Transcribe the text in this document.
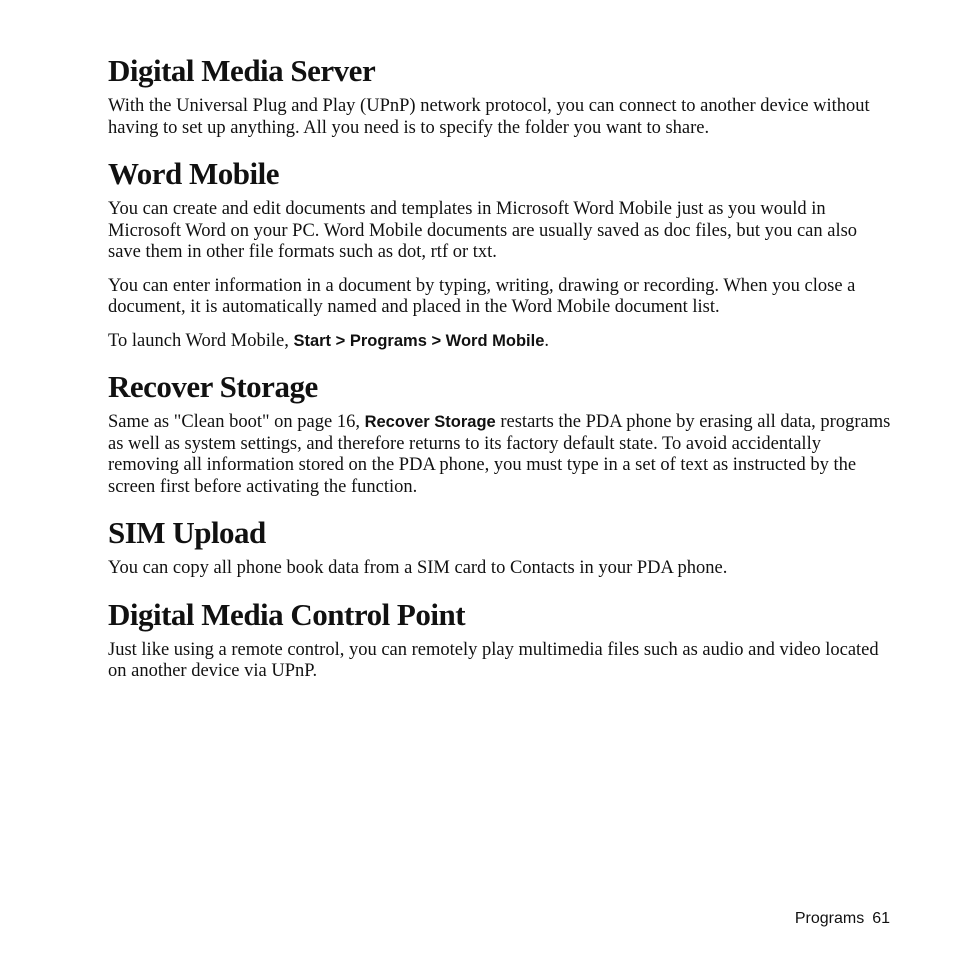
Digital Media Server

With the Universal Plug and Play (UPnP) network protocol, you can connect to another device without having to set up anything. All you need is to specify the folder you want to share.

Word Mobile

You can create and edit documents and templates in Microsoft Word Mobile just as you would in Microsoft Word on your PC. Word Mobile documents are usually saved as doc files, but you can also save them in other file formats such as dot, rtf or txt.

You can enter information in a document by typing, writing, drawing or recording. When you close a document, it is automatically named and placed in the Word Mobile document list.

To launch Word Mobile, Start > Programs > Word Mobile.

Recover Storage

Same as "Clean boot" on page 16, Recover Storage restarts the PDA phone by erasing all data, programs as well as system settings, and therefore returns to its factory default state. To avoid accidentally removing all information stored on the PDA phone, you must type in a set of text as instructed by the screen first before activating the function.

SIM Upload

You can copy all phone book data from a SIM card to Contacts in your PDA phone.

Digital Media Control Point

Just like using a remote control, you can remotely play multimedia files such as audio and video located on another device via UPnP.

Programs 61
